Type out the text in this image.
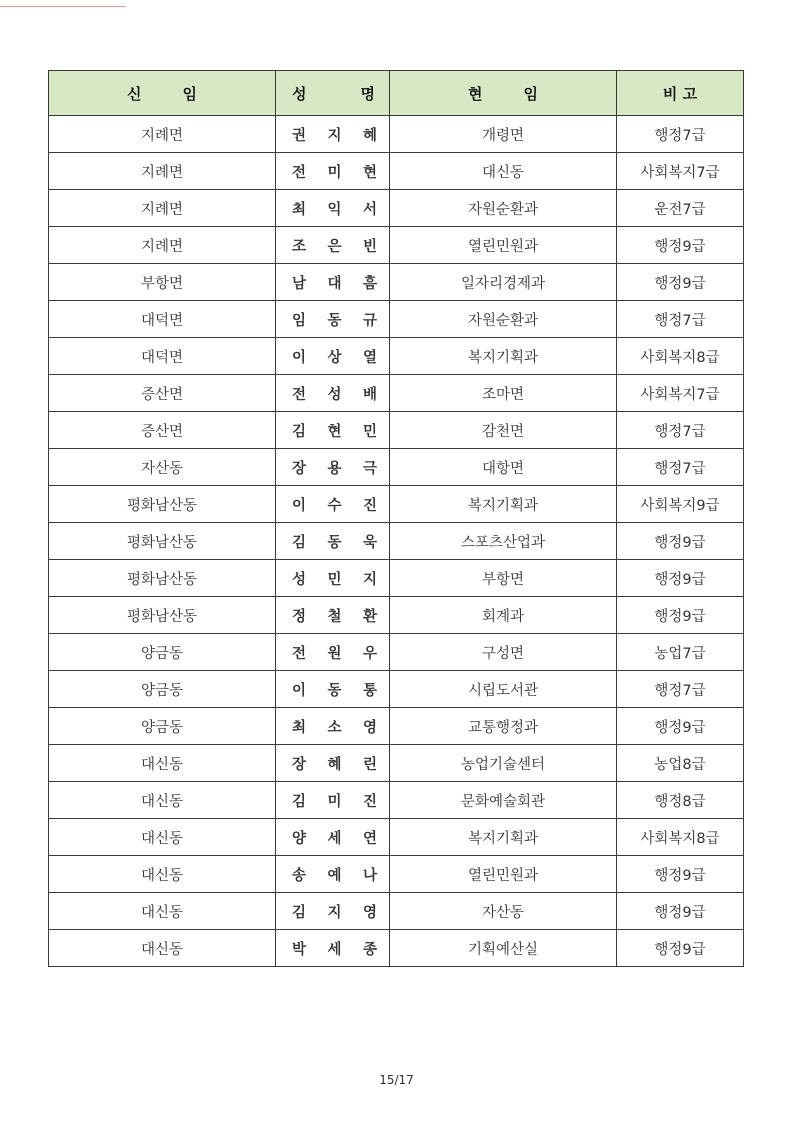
신 임	성 명	현 임	비 고
지례면	권 지 혜	개령면	행정7급
지례면	전 미 현	대신동	사회복지7급
지례면	최 익 서	자원순환과	운전7급
지례면	조 은 빈	열린민원과	행정9급
부항면	남 대 흠	일자리경제과	행정9급
대덕면	임 동 규	자원순환과	행정7급
대덕면	이 상 열	복지기획과	사회복지8급
증산면	전 성 배	조마면	사회복지7급
증산면	김 현 민	감천면	행정7급
자산동	장 용 극	대항면	행정7급
평화남산동	이 수 진	복지기획과	사회복지9급
평화남산동	김 동 욱	스포츠산업과	행정9급
평화남산동	성 민 지	부항면	행정9급
평화남산동	정 철 환	회계과	행정9급
양금동	전 원 우	구성면	농업7급
양금동	이 동 통	시립도서관	행정7급
양금동	최 소 영	교통행정과	행정9급
대신동	장 혜 린	농업기술센터	농업8급
대신동	김 미 진	문화예술회관	행정8급
대신동	양 세 연	복지기획과	사회복지8급
대신동	송 예 나	열린민원과	행정9급
대신동	김 지 영	자산동	행정9급
대신동	박 세 종	기획예산실	행정9급
15/17
